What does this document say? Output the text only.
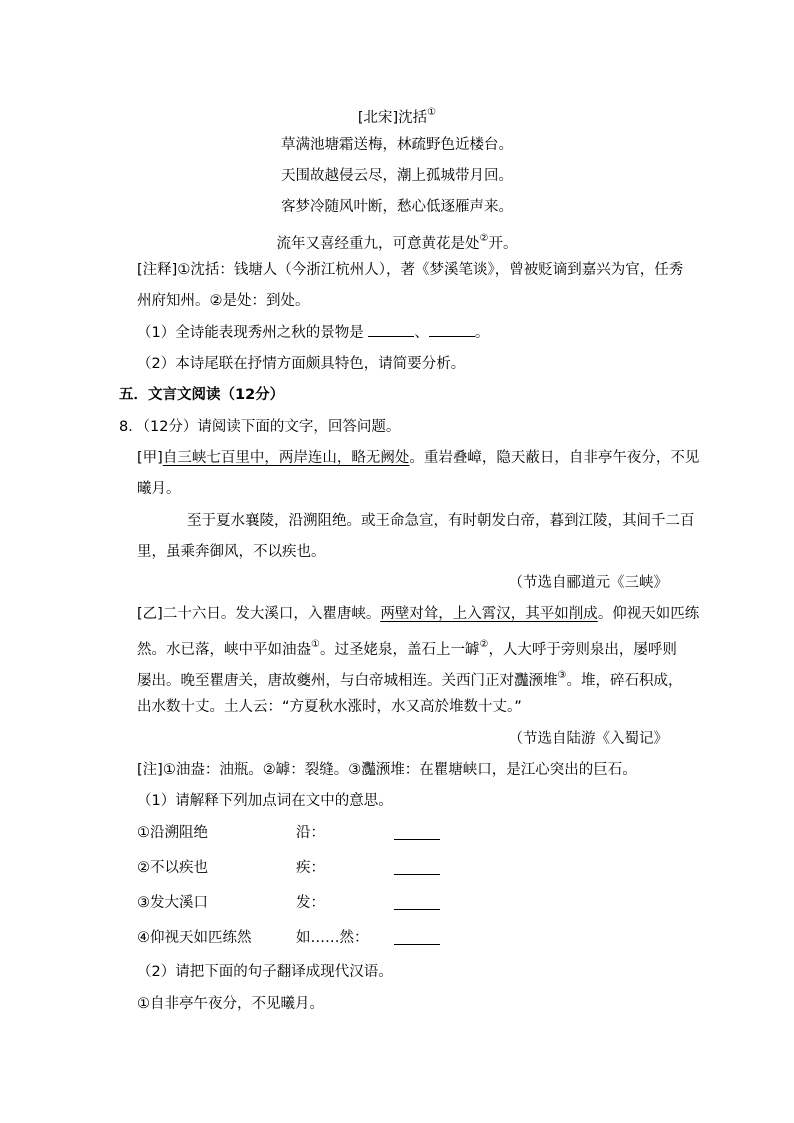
[北宋]沈括①
草满池塘霜送梅，林疏野色近楼台。
天围故越侵云尽，潮上孤城带月回。
客梦冷随风叶断，愁心低逐雁声来。
流年又喜经重九，可意黄花是处②开。
[注释]①沈括：钱塘人（今浙江杭州人），著《梦溪笔谈》，曾被贬谪到嘉兴为官，任秀
州府知州。②是处：到处。
（1）全诗能表现秀州之秋的景物是	、	。
（2）本诗尾联在抒情方面颇具特色，请简要分析。
五．文言文阅读（12分）
8．（12分）请阅读下面的文字，回答问题。
[甲]自三峡七百里中，两岸连山，略无阙处。重岩叠嶂，隐天蔽日，自非亭午夜分，不见
曦月。
至于夏水襄陵，沿溯阻绝。或王命急宣，有时朝发白帝，暮到江陵，其间千二百
里，虽乘奔御风，不以疾也。
（节选自郦道元《三峡》
[乙]二十六日。发大溪口，入瞿唐峡。两壁对耸，上入霄汉，其平如削成。仰视天如匹练
然。水已落，峡中平如油盎①。过圣姥泉，盖石上一罅②，人大呼于旁则泉出，屡呼则
屡出。晚至瞿唐关，唐故夔州，与白帝城相连。关西门正对灩滪堆③。堆，碎石积成，
出水数十丈。土人云：“方夏秋水涨时，水又高於堆数十丈。”
（节选自陆游《入蜀记》
[注]①油盎：油瓶。②罅：裂缝。③灩滪堆：在瞿塘峡口，是江心突出的巨石。
（1）请解释下列加点词在文中的意思。
①沿溯阻绝	沿：
②不以疾也	疾：
③发大溪口	发：
④仰视天如匹练然	如……然：
（2）请把下面的句子翻译成现代汉语。
①自非亭午夜分，不见曦月。
